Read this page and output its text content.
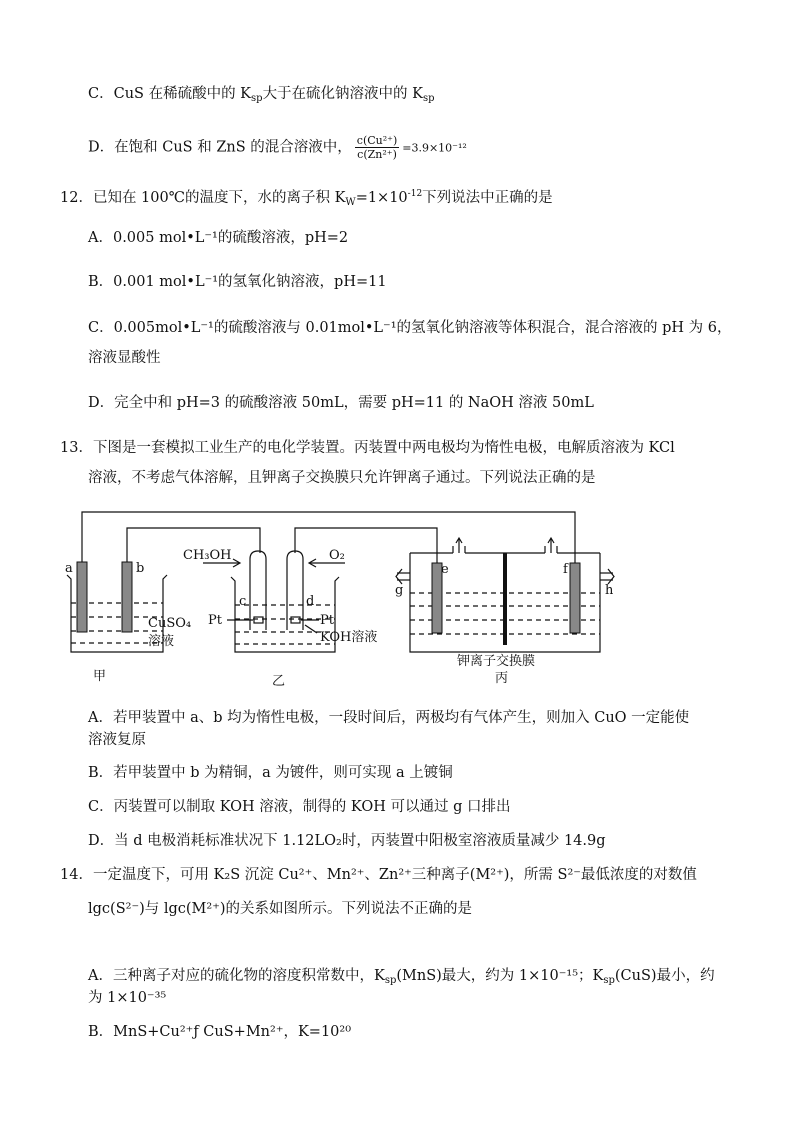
C．CuS 在稀硫酸中的 $K_{sp}$大于在硫化钠溶液中的 $K_{sp}$
D．在饱和 CuS 和 ZnS 的混合溶液中， $\frac{\text{c(Cu²⁺)}}{\text{c(Zn²⁺)}} =3.9\times 10^{-12}$
12．已知在 100℃的温度下，水的离子积 $K_W=1\times 10^{-12}$下列说法中正确的是
A．0.005 mol•L⁻¹的硫酸溶液，pH=2
B．0.001 mol•L⁻¹的氢氧化钠溶液，pH=11
C．0.005mol•L⁻¹的硫酸溶液与 0.01mol•L⁻¹的氢氧化钠溶液等体积混合，混合溶液的 pH 为 6，
溶液显酸性
D．完全中和 pH=3 的硫酸溶液 50mL，需要 pH=11 的 NaOH 溶液 50mL
13．下图是一套模拟工业生产的电化学装置。丙装置中两电极均为惰性电极，电解质溶液为 KCl
溶液，不考虑气体溶解，且钾离子交换膜只允许钾离子通过。下列说法正确的是
a	b
c	d
e	f
g	h
CH₃OH	O₂
CuSO₄
溶液
Pt	Pt
KOH溶液
钾离子交换膜
甲	乙	丙
A．若甲装置中 a、b 均为惰性电极，一段时间后，两极均有气体产生，则加入 CuO 一定能使
溶液复原
B．若甲装置中 b 为精铜，a 为镀件，则可实现 a 上镀铜
C．丙装置可以制取 KOH 溶液，制得的 KOH 可以通过 g 口排出
D．当 d 电极消耗标准状况下 1.12LO₂时，丙装置中阳极室溶液质量减少 14.9g
14．一定温度下，可用 K₂S 沉淀 Cu²⁺、Mn²⁺、Zn²⁺三种离子(M²⁺)，所需 S²⁻最低浓度的对数值
lgc(S²⁻)与 lgc(M²⁺)的关系如图所示。下列说法不正确的是
A．三种离子对应的硫化物的溶度积常数中，$K_{sp}(MnS)$最大，约为 1×10⁻¹⁵；$K_{sp}(CuS)$最小，约
为 1×10⁻³⁵
B．MnS+Cu²⁺ƒ CuS+Mn²⁺，K=10²⁰
